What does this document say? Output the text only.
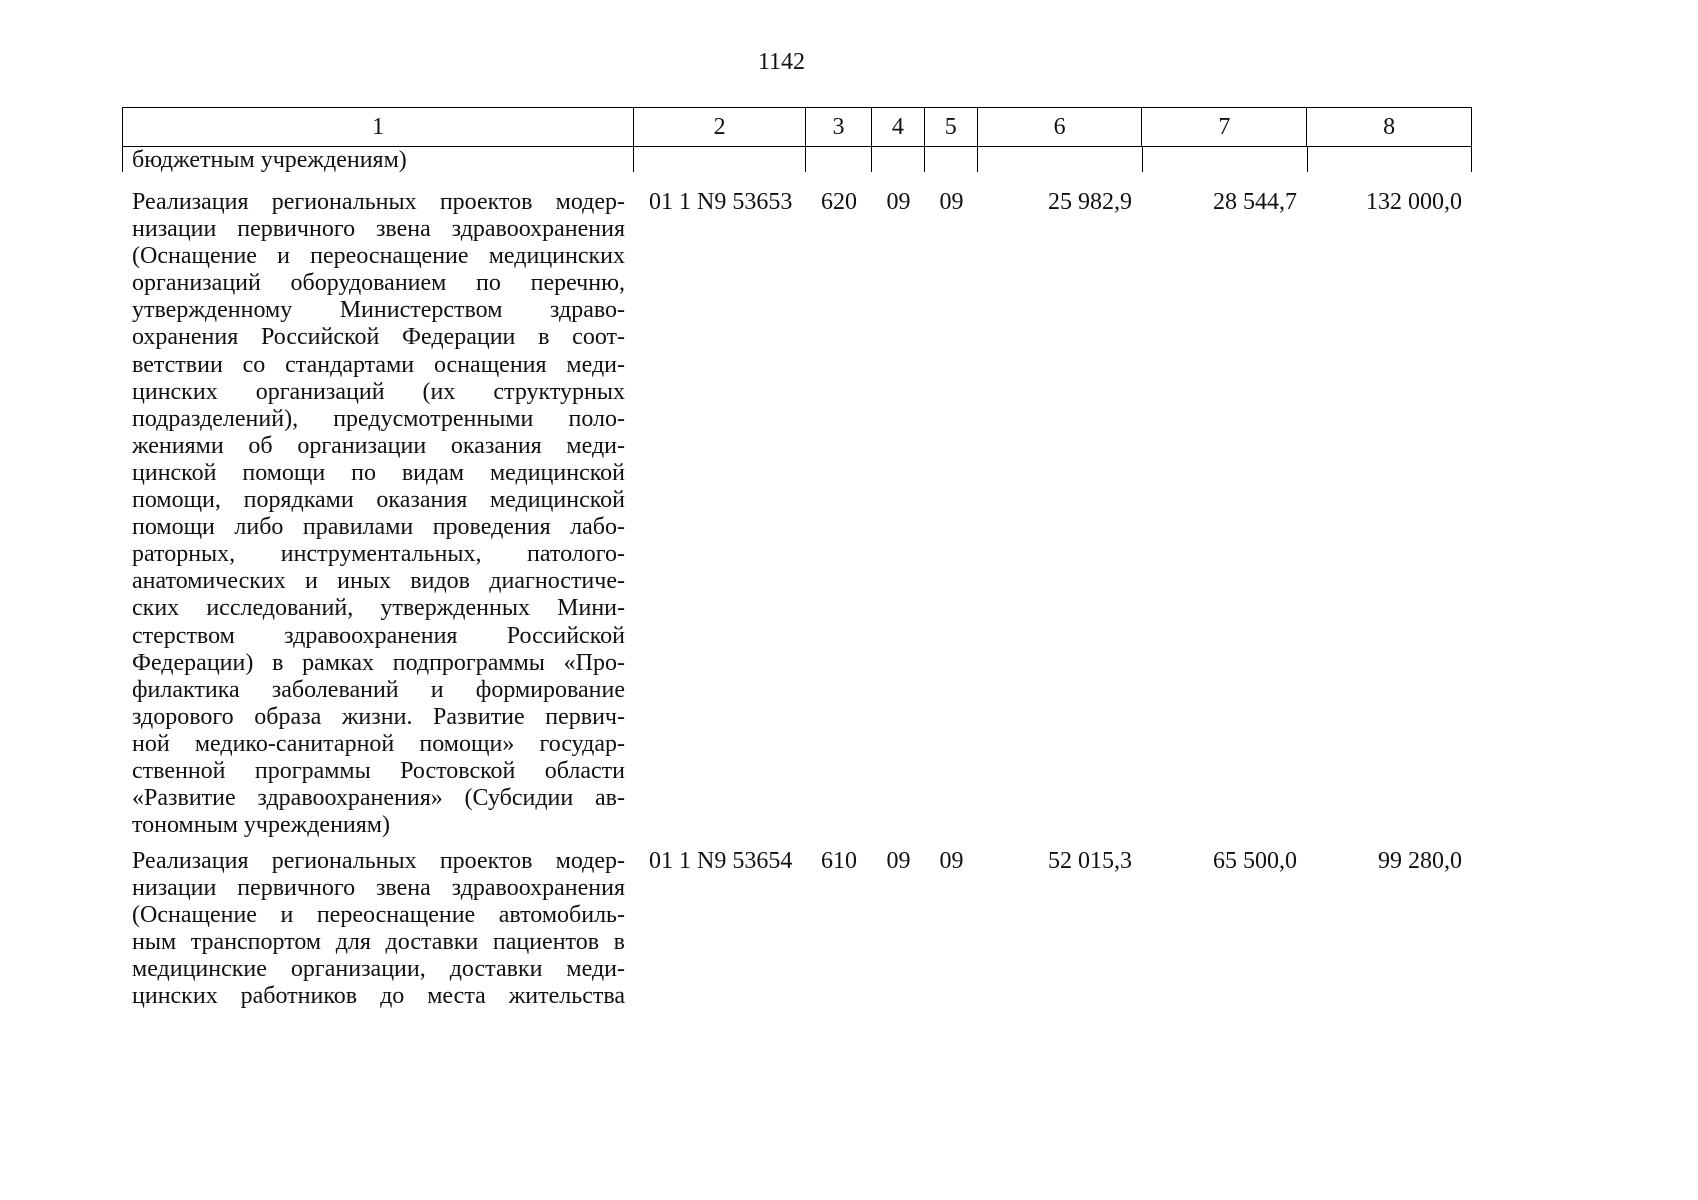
1142
1	2	3	4	5	6	7	8
бюджетным учреждениям)
Реализация региональных проектов модер-
низации первичного звена здравоохранения
(Оснащение и переоснащение медицинских
организаций оборудованием по перечню,
утвержденному Министерством здраво-
охранения Российской Федерации в соот-
ветствии со стандартами оснащения меди-
цинских организаций (их структурных
подразделений), предусмотренными поло-
жениями об организации оказания меди-
цинской помощи по видам медицинской
помощи, порядками оказания медицинской
помощи либо правилами проведения лабо-
раторных, инструментальных, патолого-
анатомических и иных видов диагностиче-
ских исследований, утвержденных Мини-
стерством здравоохранения Российской
Федерации) в рамках подпрограммы «Про-
филактика заболеваний и формирование
здорового образа жизни. Развитие первич-
ной медико-санитарной помощи» государ-
ственной программы Ростовской области
«Развитие здравоохранения» (Субсидии ав-
тономным учреждениям)
01 1 N9 53653	620	09	09	25 982,9	28 544,7	132 000,0
Реализация региональных проектов модер-
низации первичного звена здравоохранения
(Оснащение и переоснащение автомобиль-
ным транспортом для доставки пациентов в
медицинские организации, доставки меди-
цинских работников до места жительства
01 1 N9 53654	610	09	09	52 015,3	65 500,0	99 280,0
